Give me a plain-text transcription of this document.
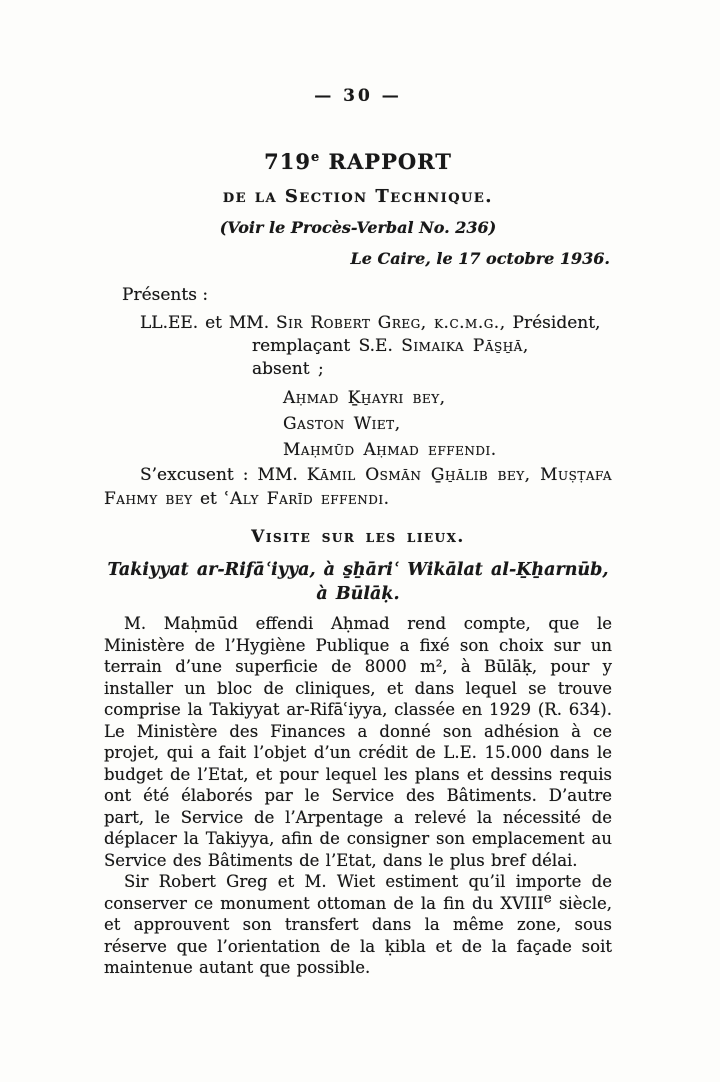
— 30 —
719e RAPPORT
de la Section Technique.
(Voir le Procès-Verbal No. 236)
Le Caire, le 17 octobre 1936.
Présents :
LL.EE. et MM. Sir Robert Greg, k.c.m.g., Président,
remplaçant S.E. Simaika Pās̱ẖā,
absent ;
Aḥmad Ḵẖayri bey,
Gaston Wiet,
Maḥmūd Aḥmad effendi.
S’excusent : MM. Kāmil Osmān G̱ẖālib bey, Muṣṭafa Fahmy bey et ʿAly Farīd effendi.
Visite sur les lieux.
Takiyyat ar-Rifāʿiyya, à s̱ẖāriʿ Wikālat al-Ḵẖarnūb,
à Būlāḳ.

M. Maḥmūd effendi Aḥmad rend compte, que le Ministère de l’Hygiène Publique a fixé son choix sur un terrain d’une superficie de 8000 m², à Būlāḳ, pour y installer un bloc de cliniques, et dans lequel se trouve comprise la Takiyyat ar-Rifāʿiyya, classée en 1929 (R. 634). Le Ministère des Finances a donné son adhésion à ce projet, qui a fait l’objet d’un crédit de L.E. 15.000 dans le budget de l’Etat, et pour lequel les plans et dessins requis ont été élaborés par le Service des Bâtiments. D’autre part, le Service de l’Arpentage a relevé la nécessité de déplacer la Takiyya, afin de consigner son emplacement au Service des Bâtiments de l’Etat, dans le plus bref délai.

Sir Robert Greg et M. Wiet estiment qu’il importe de conserver ce monument ottoman de la fin du XVIIIe siècle, et approuvent son transfert dans la même zone, sous réserve que l’orientation de la ḳibla et de la façade soit maintenue autant que possible.
